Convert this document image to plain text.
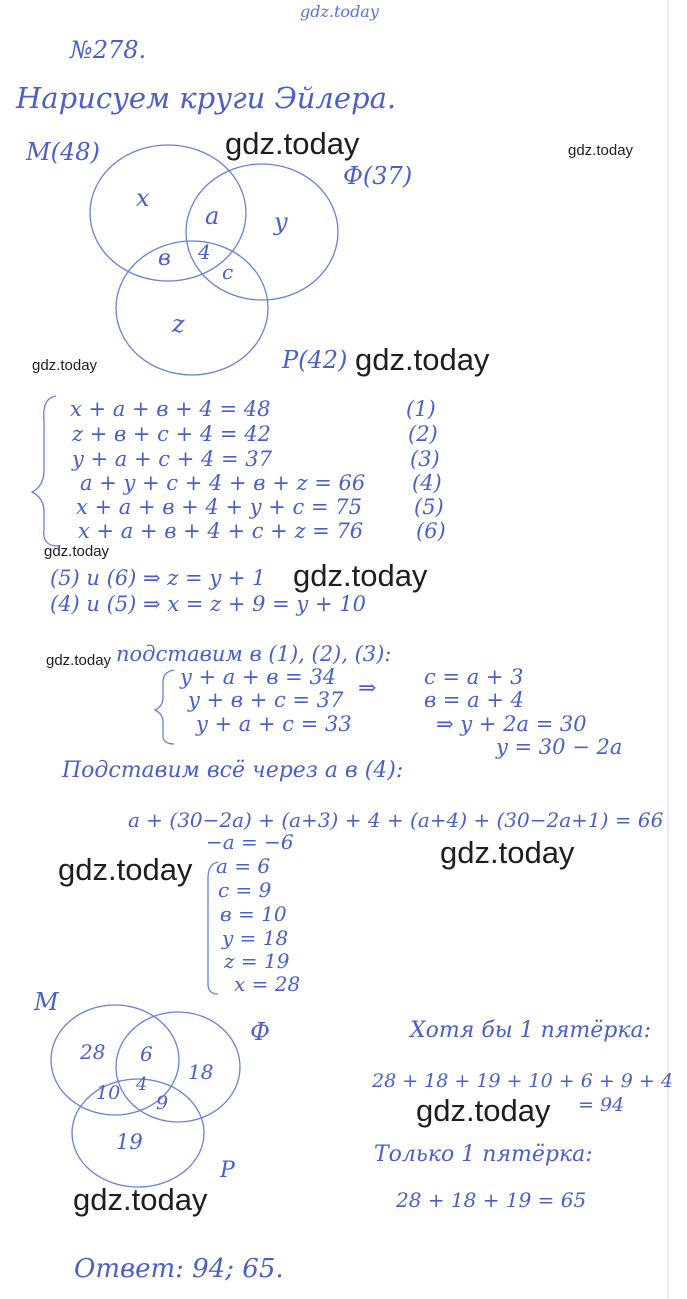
gdz.today
gdz.today	gdz.today
gdz.today	gdz.today
gdz.today
gdz.today
gdz.today
gdz.today
gdz.today
gdz.today
gdz.today
№278.
Нарисуем круги Эйлера.
М(48)
Ф(37)
Р(42)
x
a y
в 4
с
z
x + a + в + 4 = 48	(1)
z + в + с + 4 = 42	(2)
y + a + с + 4 = 37	(3)
a + y + с + 4 + в + z = 66 (4)
x + a + в + 4 + y + с = 75 (5)
x + a + в + 4 + с + z = 76	(6)
(5) и (6) ⇒ z = y + 1
(4) и (5) ⇒ x = z + 9 = y + 10
подставим в (1), (2), (3):
y + a + в = 34
y + в + с = 37
y + a + с = 33
⇒ с = a + 3
в = a + 4
⇒ y + 2a = 30
y = 30 − 2a
Подставим всё через a в (4):
a + (30−2a) + (a+3) + 4 + (a+4) + (30−2a+1) = 66
−a = −6
a = 6
с = 9
в = 10
y = 18
z = 19
x = 28
М
Ф
Р
28 6
18
10 4
9
19
Хотя бы 1 пятёрка:
28 + 18 + 19 + 10 + 6 + 9 + 4
= 94
Только 1 пятёрка:
28 + 18 + 19 = 65
Ответ: 94; 65.
